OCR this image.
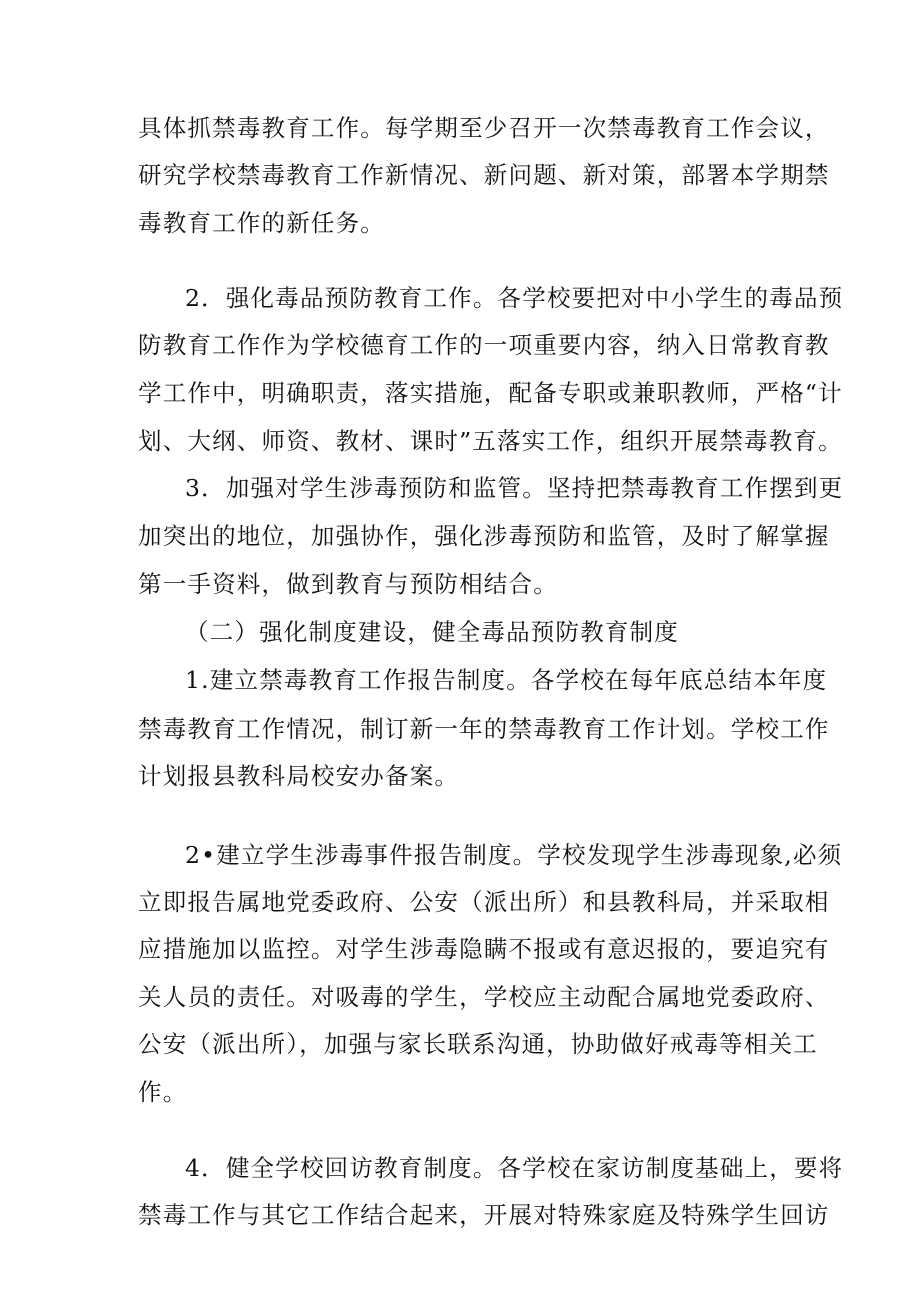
具体抓禁毒教育工作。每学期至少召开一次禁毒教育工作会议，
研究学校禁毒教育工作新情况、新问题、新对策，部署本学期禁
毒教育工作的新任务。
2．强化毒品预防教育工作。各学校要把对中小学生的毒品预
防教育工作作为学校德育工作的一项重要内容，纳入日常教育教
学工作中，明确职责，落实措施，配备专职或兼职教师，严格“计
划、大纲、师资、教材、课时”五落实工作，组织开展禁毒教育。
3．加强对学生涉毒预防和监管。坚持把禁毒教育工作摆到更
加突出的地位，加强协作，强化涉毒预防和监管，及时了解掌握
第一手资料，做到教育与预防相结合。
（二）强化制度建设，健全毒品预防教育制度
1.建立禁毒教育工作报告制度。各学校在每年底总结本年度
禁毒教育工作情况，制订新一年的禁毒教育工作计划。学校工作
计划报县教科局校安办备案。
2•建立学生涉毒事件报告制度。学校发现学生涉毒现象,必须
立即报告属地党委政府、公安（派出所）和县教科局，并采取相
应措施加以监控。对学生涉毒隐瞒不报或有意迟报的，要追究有
关人员的责任。对吸毒的学生，学校应主动配合属地党委政府、
公安（派出所），加强与家长联系沟通，协助做好戒毒等相关工
作。
4．健全学校回访教育制度。各学校在家访制度基础上，要将
禁毒工作与其它工作结合起来，开展对特殊家庭及特殊学生回访
